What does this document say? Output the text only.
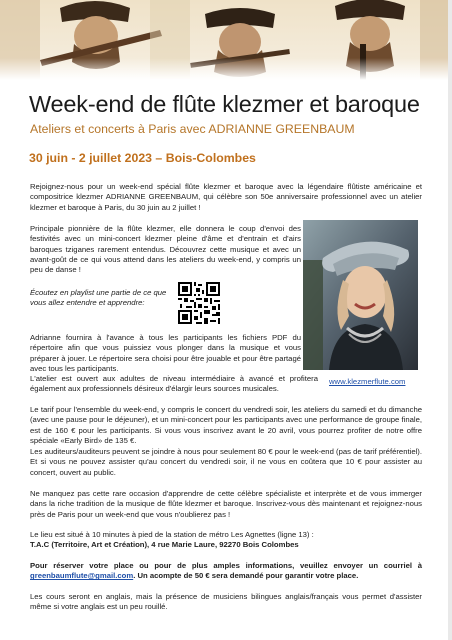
Week-end de flûte klezmer et baroque
Ateliers et concerts à Paris avec ADRIANNE GREENBAUM
30 juin - 2 juillet 2023 – Bois-Colombes
Rejoignez-nous pour un week-end spécial flûte klezmer et baroque avec la légendaire flûtiste américaine et compositrice klezmer ADRIANNE GREENBAUM, qui célèbre son 50e anniversaire professionnel avec un atelier klezmer et baroque à Paris, du 30 juin au 2 juillet !
Principale pionnière de la flûte klezmer, elle donnera le coup d'envoi des festivités avec un mini-concert klezmer pleine d'âme et d'entrain et d'airs baroques tziganes rarement entendus. Découvrez cette musique et avec un avant-goût de ce qui vous attend dans les ateliers du week-end, y compris un peu de danse !
Écoutez en playlist une partie de ce que vous allez entendre et apprendre:
Adrianne fournira à l'avance à tous les participants les fichiers PDF du répertoire afin que vous puissiez vous plonger dans la musique et vous préparer à jouer. Le répertoire sera choisi pour être jouable et pour être partagé avec tous les participants.
L'atelier est ouvert aux adultes de niveau intermédiaire à avancé et profitera également aux professionnels désireux d'élargir leurs sources musicales.
www.klezmerflute.com
Le tarif pour l'ensemble du week-end, y compris le concert du vendredi soir, les ateliers du samedi et du dimanche (avec une pause pour le déjeuner), et un mini-concert pour les participants avec une performance de groupe finale, est de 160 € pour les participants. Si vous vous inscrivez avant le 20 avril, vous pourrez profiter de notre offre spéciale «Early Bird» de 135 €.
Les auditeurs/auditeurs peuvent se joindre à nous pour seulement 80 € pour le week-end (pas de tarif préférentiel). Et si vous ne pouvez assister qu'au concert du vendredi soir, il ne vous en coûtera que 10 € pour assister au concert, ouvert au public.
Ne manquez pas cette rare occasion d'apprendre de cette célèbre spécialiste et interprète et de vous immerger dans la riche tradition de la musique de flûte klezmer et baroque. Inscrivez-vous dès maintenant et rejoignez-nous près de Paris pour un week-end que vous n'oublierez pas !
Le lieu est situé à 10 minutes à pied de la station de métro Les Agnettes (ligne 13) :
T.A.C (Territoire, Art et Création), 4 rue Marie Laure, 92270 Bois Colombes
Pour réserver votre place ou pour de plus amples informations, veuillez envoyer un courriel à greenbaumflute@gmail.com. Un acompte de 50 € sera demandé pour garantir votre place.
Les cours seront en anglais, mais la présence de musiciens bilingues anglais/français vous permet d'assister même si votre anglais est un peu rouillé.
